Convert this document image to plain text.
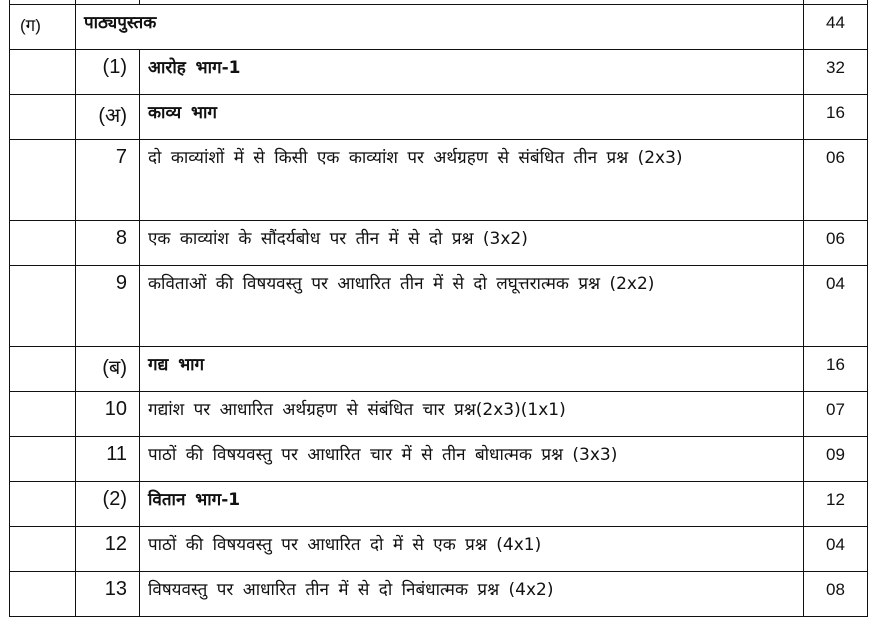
(ग)	पाठ्यपुस्तक		44
	(1)	आरोह भाग-1	32
	(अ)	काव्य भाग	16
	7	दो काव्यांशों में से किसी एक काव्यांश पर अर्थग्रहण से संबंधित तीन प्रश्न (2x3)	06
	8	एक काव्यांश के सौंदर्यबोध पर तीन में से दो प्रश्न (3x2)	06
	9	कविताओं की विषयवस्तु पर आधारित तीन में से दो लघूत्तरात्मक प्रश्न (2x2)	04
	(ब)	गद्य भाग	16
	10	गद्यांश पर आधारित अर्थग्रहण से संबंधित चार प्रश्न(2x3)(1x1)	07
	11	पाठों की विषयवस्तु पर आधारित चार में से तीन बोधात्मक प्रश्न (3x3)	09
	(2)	वितान भाग-1	12
	12	पाठों की विषयवस्तु पर आधारित दो में से एक प्रश्न (4x1)	04
	13	विषयवस्तु पर आधारित तीन में से दो निबंधात्मक प्रश्न (4x2)	08
